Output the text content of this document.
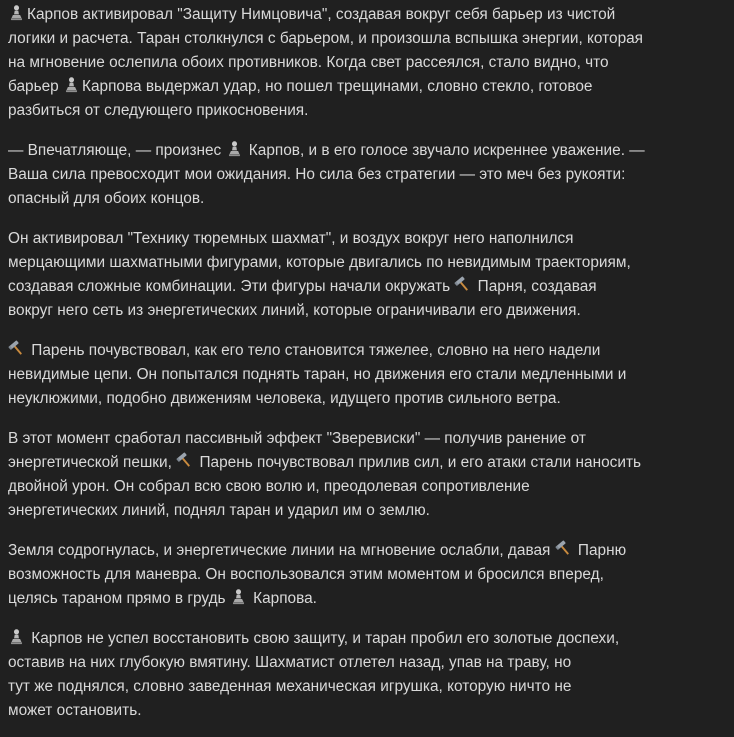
Карпов активировал "Защиту Нимцовича", создавая вокруг себя барьер из чистой
логики и расчета. Таран столкнулся с барьером, и произошла вспышка энергии, которая
на мгновение ослепила обоих противников. Когда свет рассеялся, стало видно, что
барьер
Карпова выдержал удар, но пошел трещинами, словно стекло, готовое
разбиться от следующего прикосновения.
— Впечатляюще, — произнес
Карпов, и в его голосе звучало искреннее уважение. —
Ваша сила превосходит мои ожидания. Но сила без стратегии — это меч без рукояти:
опасный для обоих концов.
Он активировал "Технику тюремных шахмат", и воздух вокруг него наполнился
мерцающими шахматными фигурами, которые двигались по невидимым траекториям,
создавая сложные комбинации. Эти фигуры начали окружать
Парня, создавая
вокруг него сеть из энергетических линий, которые ограничивали его движения.
Парень почувствовал, как его тело становится тяжелее, словно на него надели
невидимые цепи. Он попытался поднять таран, но движения его стали медленными и
неуклюжими, подобно движениям человека, идущего против сильного ветра.
В этот момент сработал пассивный эффект "Зверевиски" — получив ранение от
энергетической пешки,
Парень почувствовал прилив сил, и его атаки стали наносить
двойной урон. Он собрал всю свою волю и, преодолевая сопротивление
энергетических линий, поднял таран и ударил им о землю.
Земля содрогнулась, и энергетические линии на мгновение ослабли, давая
Парню
возможность для маневра. Он воспользовался этим моментом и бросился вперед,
целясь тараном прямо в грудь
Карпова.
Карпов не успел восстановить свою защиту, и таран пробил его золотые доспехи,
оставив на них глубокую вмятину. Шахматист отлетел назад, упав на траву, но
тут же поднялся, словно заведенная механическая игрушка, которую ничто не
может остановить.
